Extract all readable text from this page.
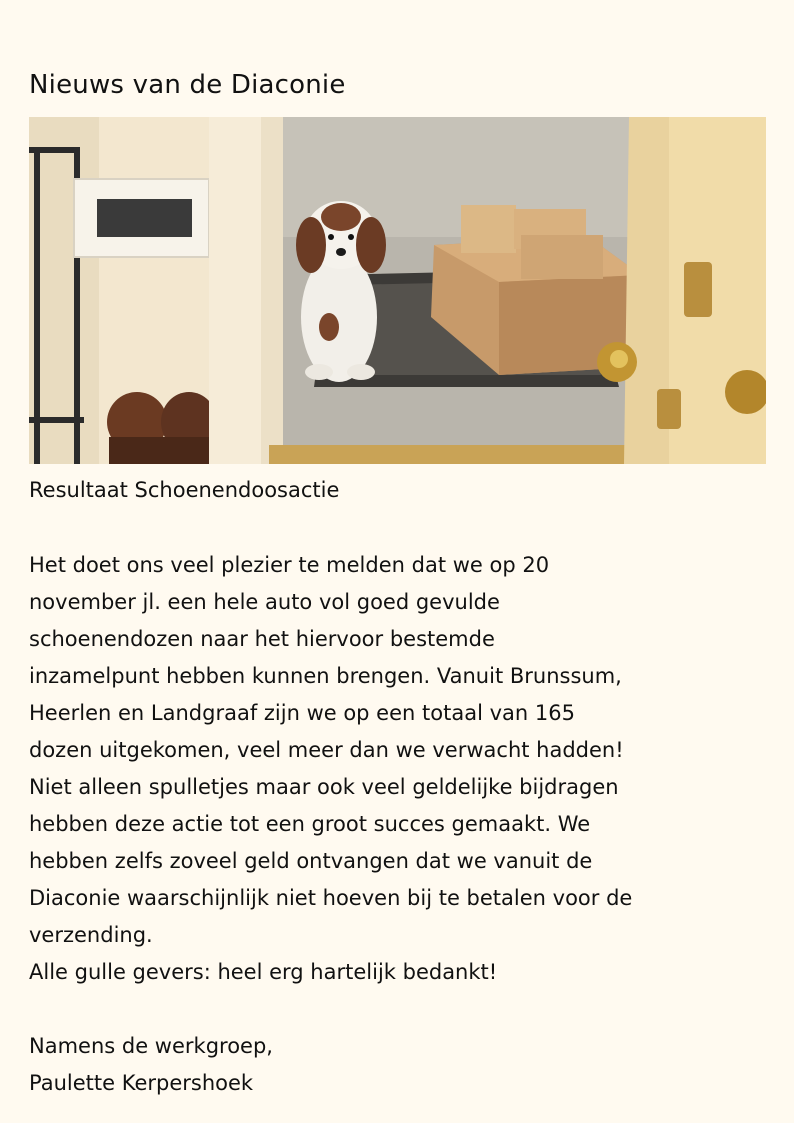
Nieuws van de Diaconie

Resultaat Schoenendoosactie

Het doet ons veel plezier te melden dat we op 20

november jl. een hele auto vol goed gevulde

schoenendozen naar het hiervoor bestemde

inzamelpunt hebben kunnen brengen. Vanuit Brunssum,

Heerlen en Landgraaf zijn we op een totaal van 165

dozen uitgekomen, veel meer dan we verwacht hadden!

Niet alleen spulletjes maar ook veel geldelijke bijdragen

hebben deze actie tot een groot succes gemaakt. We

hebben zelfs zoveel geld ontvangen dat we vanuit de

Diaconie waarschijnlijk niet hoeven bij te betalen voor de

verzending.

Alle gulle gevers: heel erg hartelijk bedankt!

Namens de werkgroep,

Paulette Kerpershoek
